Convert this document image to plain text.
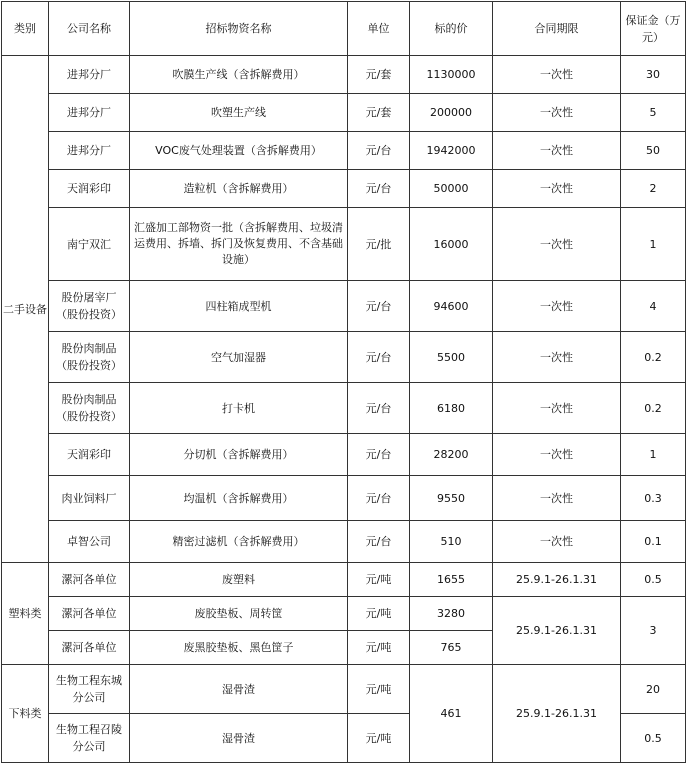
类别	公司名称	招标物资名称	单位	标的价	合同期限	保证金（万元）
二手设备	进邦分厂	吹膜生产线（含拆解费用）	元/套	1130000	一次性	30
	进邦分厂	吹塑生产线	元/套	200000	一次性	5
	进邦分厂	VOC废气处理装置（含拆解费用）	元/台	1942000	一次性	50
	天润彩印	造粒机（含拆解费用）	元/台	50000	一次性	2
	南宁双汇	汇盛加工部物资一批（含拆解费用、垃圾清运费用、拆墙、拆门及恢复费用、不含基础设施）	元/批	16000	一次性	1
	股份屠宰厂（股份投资）	四柱箱成型机	元/台	94600	一次性	4
	股份肉制品（股份投资）	空气加湿器	元/台	5500	一次性	0.2
	股份肉制品（股份投资）	打卡机	元/台	6180	一次性	0.2
	天润彩印	分切机（含拆解费用）	元/台	28200	一次性	1
	肉业饲料厂	均温机（含拆解费用）	元/台	9550	一次性	0.3
	卓智公司	精密过滤机（含拆解费用）	元/台	510	一次性	0.1
塑料类	漯河各单位	废塑料	元/吨	1655	25.9.1-26.1.31	0.5
	漯河各单位	废胶垫板、周转筐	元/吨	3280	25.9.1-26.1.31	3
	漯河各单位	废黑胶垫板、黑色筐子	元/吨	765		
下料类	生物工程东城分公司	湿骨渣	元/吨	461	25.9.1-26.1.31	20
	生物工程召陵分公司	湿骨渣	元/吨			0.5
